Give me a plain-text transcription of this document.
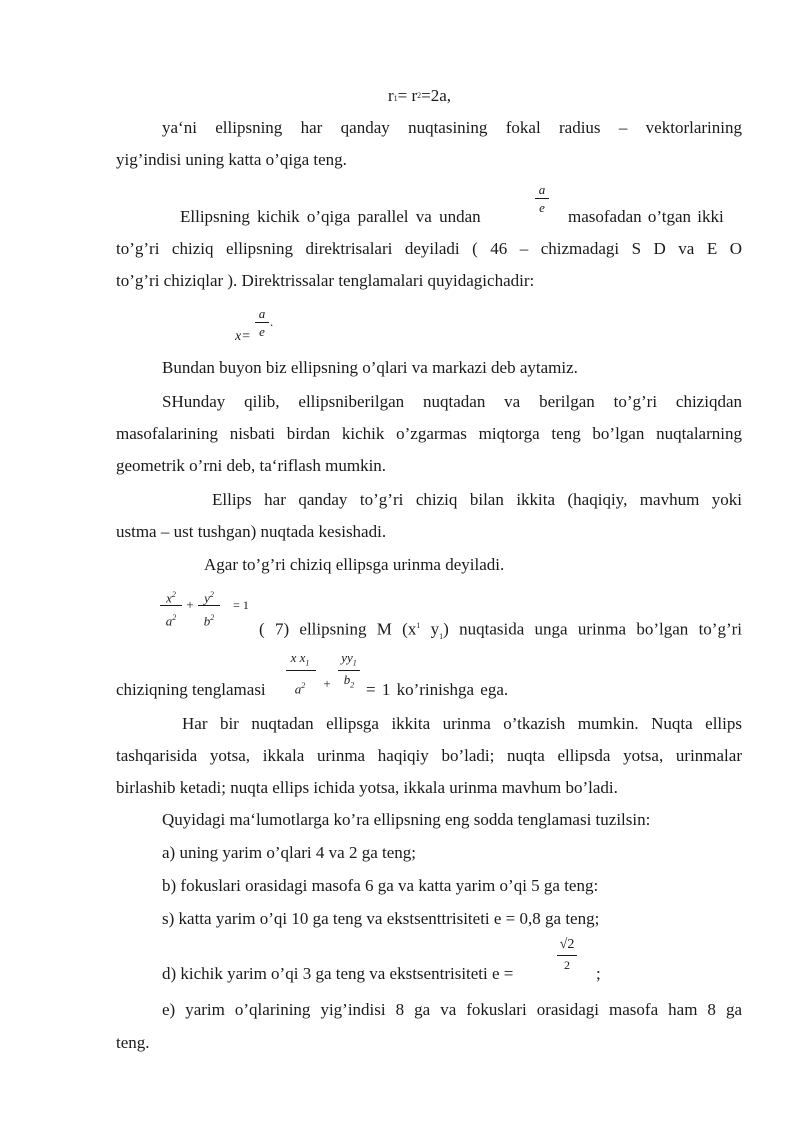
$r1= r^2=2a$,
ya‘ni ellipsning har qanday nuqtasining fokal radius – vektorlarining
yig’indisi uning katta o’qiga teng.
a
e
Ellipsning kichik o’qiga parallel va undan	masofadan o’tgan ikki
to’g’ri chiziq ellipsning direktrisalari deyiladi ( 46 – chizmadagi S D va E O
to’g’ri chiziqlar ). Direktrissalar tenglamalari quyidagichadir:
x=
a
e
.
Bundan buyon biz ellipsning o’qlari va markazi deb aytamiz.
SHunday qilib, ellipsniberilgan nuqtadan va berilgan to’g’ri chiziqdan
masofalarining nisbati birdan kichik o’zgarmas miqtorga teng bo’lgan nuqtalarning
geometrik o’rni deb, ta‘riflash mumkin.
Ellips har qanday to’g’ri chiziq bilan ikkita (haqiqiy, mavhum yoki
ustma – ust tushgan) nuqtada kesishadi.
Agar to’g’ri chiziq ellipsga urinma deyiladi.
$x^2$
$a^2$
+ $y^2$
$b^2$
= 1
( 7) ellipsning M ($x^1$ $y_1$) nuqtasida unga urinma bo’lgan to’g’ri
x $x_1$
$a^2$	+
$yy_1$
$b_2$
chiziqning tenglamasi	= 1 ko’rinishga ega.
Har bir nuqtadan ellipsga ikkita urinma o’tkazish mumkin. Nuqta ellips
tashqarisida yotsa, ikkala urinma haqiqiy bo’ladi; nuqta ellipsda yotsa, urinmalar
birlashib ketadi; nuqta ellips ichida yotsa, ikkala urinma mavhum bo’ladi.
Quyidagi ma‘lumotlarga ko’ra ellipsning eng sodda tenglamasi tuzilsin:
a) uning yarim o’qlari 4 va 2 ga teng;
b) fokuslari orasidagi masofa 6 ga va katta yarim o’qi 5 ga teng:
s) katta yarim o’qi 10 ga teng va ekstsenttrisiteti e = 0,8 ga teng;
d) kichik yarim o’qi 3 ga teng va ekstsentrisiteti e =
√2
2	;
e) yarim o’qlarining yig’indisi 8 ga va fokuslari orasidagi masofa ham 8 ga
teng.
